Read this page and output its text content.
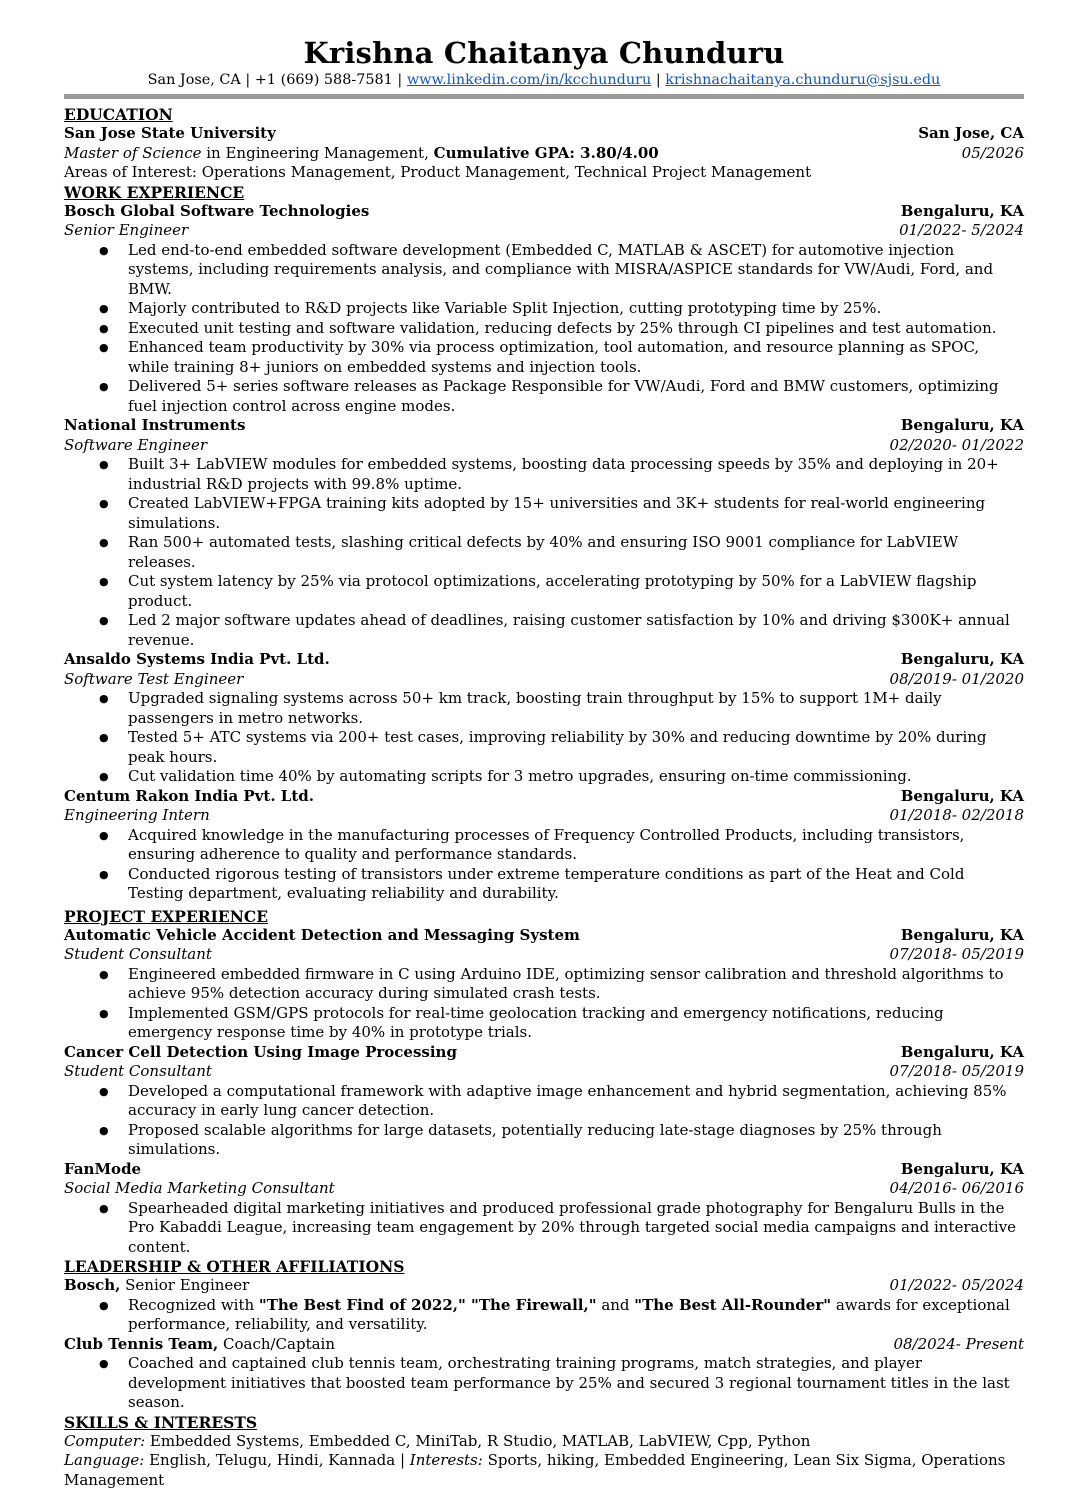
Krishna Chaitanya Chunduru
San Jose, CA | +1 (669) 588-7581 | www.linkedin.com/in/kcchunduru | krishnachaitanya.chunduru@sjsu.edu
EDUCATION
San Jose State University	San Jose, CA
Master of Science in Engineering Management, Cumulative GPA: 3.80/4.00	05/2026
Areas of Interest: Operations Management, Product Management, Technical Project Management
WORK EXPERIENCE
Bosch Global Software Technologies	Bengaluru, KA
Senior Engineer	01/2022- 5/2024
● Led end-to-end embedded software development (Embedded C, MATLAB & ASCET) for automotive injection systems, including requirements analysis, and compliance with MISRA/ASPICE standards for VW/Audi, Ford, and BMW.
● Majorly contributed to R&D projects like Variable Split Injection, cutting prototyping time by 25%.
● Executed unit testing and software validation, reducing defects by 25% through CI pipelines and test automation.
● Enhanced team productivity by 30% via process optimization, tool automation, and resource planning as SPOC, while training 8+ juniors on embedded systems and injection tools.
● Delivered 5+ series software releases as Package Responsible for VW/Audi, Ford and BMW customers, optimizing fuel injection control across engine modes.
National Instruments	Bengaluru, KA
Software Engineer	02/2020- 01/2022
● Built 3+ LabVIEW modules for embedded systems, boosting data processing speeds by 35% and deploying in 20+ industrial R&D projects with 99.8% uptime.
● Created LabVIEW+FPGA training kits adopted by 15+ universities and 3K+ students for real-world engineering simulations.
● Ran 500+ automated tests, slashing critical defects by 40% and ensuring ISO 9001 compliance for LabVIEW releases.
● Cut system latency by 25% via protocol optimizations, accelerating prototyping by 50% for a LabVIEW flagship product.
● Led 2 major software updates ahead of deadlines, raising customer satisfaction by 10% and driving $300K+ annual revenue.
Ansaldo Systems India Pvt. Ltd.	Bengaluru, KA
Software Test Engineer	08/2019- 01/2020
● Upgraded signaling systems across 50+ km track, boosting train throughput by 15% to support 1M+ daily passengers in metro networks.
● Tested 5+ ATC systems via 200+ test cases, improving reliability by 30% and reducing downtime by 20% during peak hours.
● Cut validation time 40% by automating scripts for 3 metro upgrades, ensuring on-time commissioning.
Centum Rakon India Pvt. Ltd.	Bengaluru, KA
Engineering Intern	01/2018- 02/2018
● Acquired knowledge in the manufacturing processes of Frequency Controlled Products, including transistors, ensuring adherence to quality and performance standards.
● Conducted rigorous testing of transistors under extreme temperature conditions as part of the Heat and Cold Testing department, evaluating reliability and durability.
PROJECT EXPERIENCE
Automatic Vehicle Accident Detection and Messaging System	Bengaluru, KA
Student Consultant	07/2018- 05/2019
● Engineered embedded firmware in C using Arduino IDE, optimizing sensor calibration and threshold algorithms to achieve 95% detection accuracy during simulated crash tests.
● Implemented GSM/GPS protocols for real-time geolocation tracking and emergency notifications, reducing emergency response time by 40% in prototype trials.
Cancer Cell Detection Using Image Processing	Bengaluru, KA
Student Consultant	07/2018- 05/2019
● Developed a computational framework with adaptive image enhancement and hybrid segmentation, achieving 85% accuracy in early lung cancer detection.
● Proposed scalable algorithms for large datasets, potentially reducing late-stage diagnoses by 25% through simulations.
FanMode	Bengaluru, KA
Social Media Marketing Consultant	04/2016- 06/2016
● Spearheaded digital marketing initiatives and produced professional grade photography for Bengaluru Bulls in the Pro Kabaddi League, increasing team engagement by 20% through targeted social media campaigns and interactive content.
LEADERSHIP & OTHER AFFILIATIONS
Bosch, Senior Engineer	01/2022- 05/2024
● Recognized with "The Best Find of 2022," "The Firewall," and "The Best All-Rounder" awards for exceptional performance, reliability, and versatility.
Club Tennis Team, Coach/Captain	08/2024- Present
● Coached and captained club tennis team, orchestrating training programs, match strategies, and player development initiatives that boosted team performance by 25% and secured 3 regional tournament titles in the last season.
SKILLS & INTERESTS
Computer: Embedded Systems, Embedded C, MiniTab, R Studio, MATLAB, LabVIEW, Cpp, Python
Language: English, Telugu, Hindi, Kannada | Interests: Sports, hiking, Embedded Engineering, Lean Six Sigma, Operations Management
